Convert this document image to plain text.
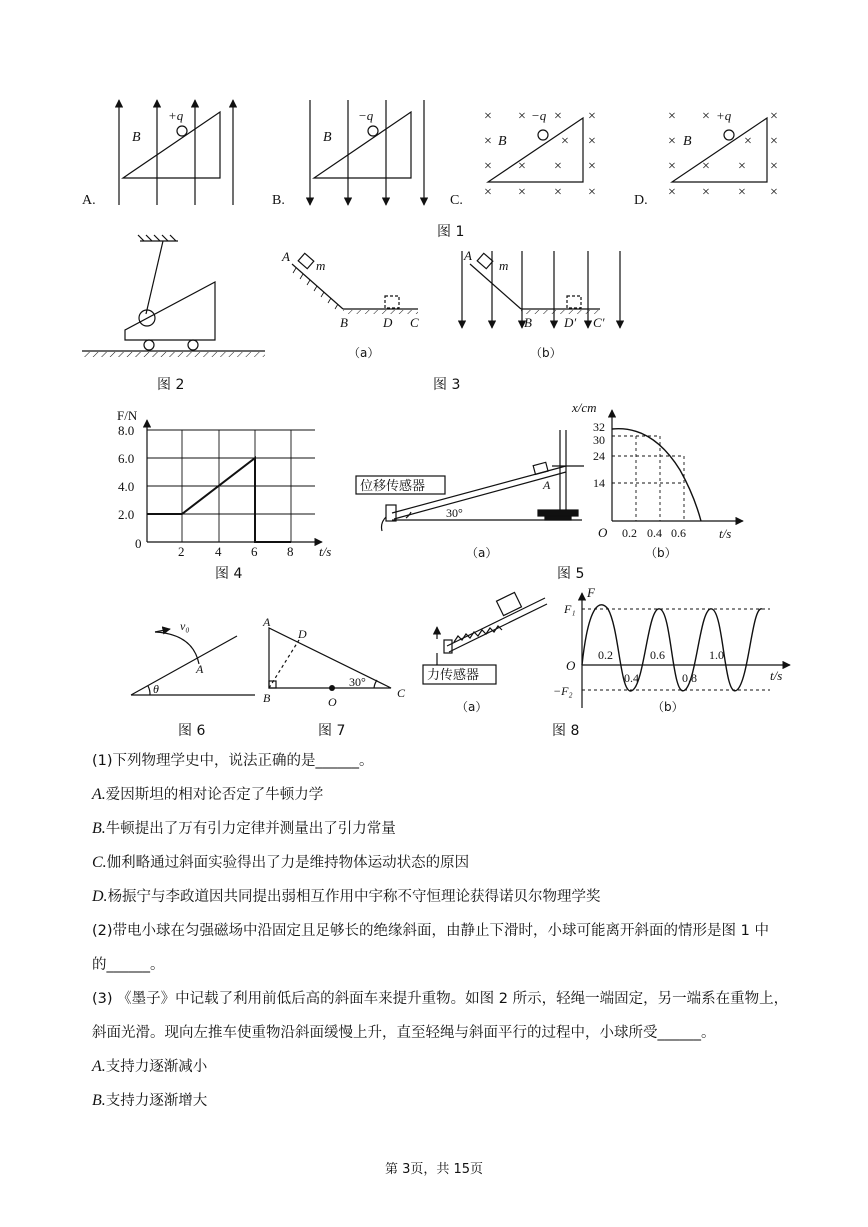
A.
B
+q
B.
B
−q	× × × ×
×	× ×
× × × ×
× × × ×
C.
B
−q	× ×	×
×	× ×
× × × ×
× × × ×
D.
B
+q
图 1
图 2
A
m
B	D C
（a）
A
m
B D′ C′
（b）
图 3
F/N
8.0
6.0
4.0
2.0
0
2 4 6 8 t/s
图 4
位移传感器
30°
A
（a）
x/cm
32
30
24
14
O 0.2 0.4 0.6	t/s
（b）
图 5
v₀
A
θ
图 6
A
D
B	O
C
30°
图 7
力传感器
（a）
F
F₁
−F₂
O
0.2	0.6	1.0
0.4	0.8	t/s
（b）
图 8
(1)下列物理学史中，说法正确的是______。
A.爱因斯坦的相对论否定了牛顿力学
B.牛顿提出了万有引力定律并测量出了引力常量
C.伽利略通过斜面实验得出了力是维持物体运动状态的原因
D.杨振宁与李政道因共同提出弱相互作用中宇称不守恒理论获得诺贝尔物理学奖
(2)带电小球在匀强磁场中沿固定且足够长的绝缘斜面，由静止下滑时，小球可能离开斜面的情形是图 1 中
的______。
(3) 《墨子》中记载了利用前低后高的斜面车来提升重物。如图 2 所示，轻绳一端固定，另一端系在重物上，
斜面光滑。现向左推车使重物沿斜面缓慢上升，直至轻绳与斜面平行的过程中，小球所受______。
A.支持力逐渐减小
B.支持力逐渐增大
第 3页，共 15页
